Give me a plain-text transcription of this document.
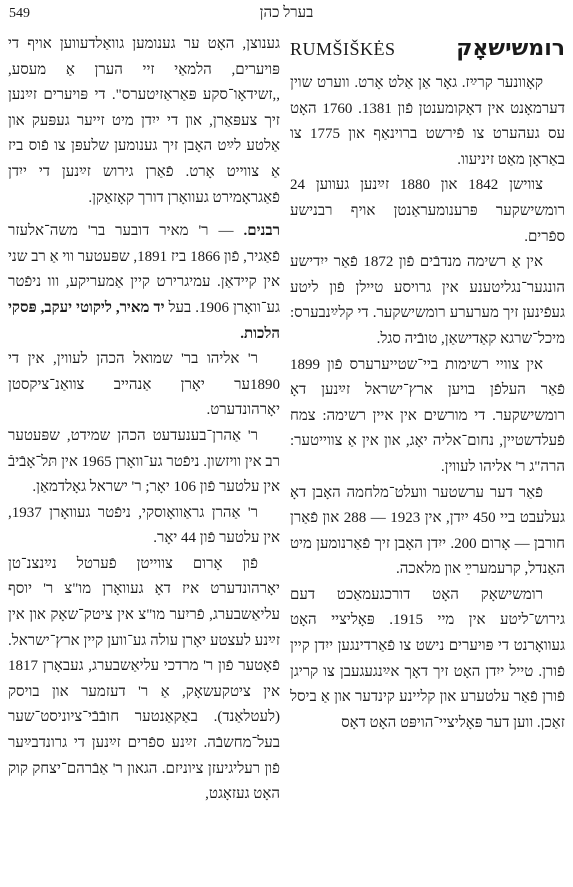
549	בערל כהן

גענוצן, האָט ער גענומען גוואַלדעווען אויף די פּויערים, הלמאַי זיי הערן אַ מעסע, ,,זשידאָו־סקע פּאַראַזיטערס". די פּויערים זײַנען זיך צעפּאַרן, און די ייִדן מיט זייער געפּעק און אַלטע לײַט האָבן זיך גענומען שלעפּן צו פֿוס ביז אַ צווייט אָרט. פֿאַרן גירוש זײַנען די ייִדן פֿאַגראָמירט געוואָרן דורך קאָזאַקן.

רבנים. — ר' מאיר דובער בר' משה־אלעזר פֿאַגיר, פֿון 1866 ביז 1891, שפּעטער ווי אַ רב שני אין קיידאַן. עמיגרירט קיין אַמעריקע, ווו ניפֿטר גע־וואָרן 1906. בעל יד מאיר, ליקוטי יעקב, פּסקי הלכות.

ר' אליהו בר' שמואל הכהן לעווין, אין די 1890ער יאָרן אַנהייב צוואַנ־ציקסטן יאָרהונדערט.

ר' אַהרן־בענעדעט הכהן שמידט, שפּעטער רב אין וויזשון. ניפֿטר גע־וואָרן 1965 אין תּל־אָבֿיבֿ אין עלטער פֿון 106 יאָר; ר' ישראל גאָלדמאַן.

ר' אַהרן גראַוואָוסקי, ניפֿטר געוואָרן 1937, אין עלטער פֿון 44 יאָר.

פֿון אָרום צווייטן פֿערטל נײַנצנ־טן יאָרהונדערט איז דאָ געוואָרן מו"צ ר' יוסף עליאַשבערג, פֿריִער מו"צ אין ציטק־שאָק און אין זײַנע לעצטע יאָרן עולה גע־ווען קיין ארץ־ישראל. פֿאָטער פֿון ר' מרדכי עליאַשבערג, געבאָרן 1817 אין ציטקעשאָק, אַ ר' דעזמער און בויסק (לעטלאַנד). באַקאַנטער חובֿבֿי־ציוניסט־שער בעל־מחשבֿה. זײַנע ספֿרים זײַנען די גרונדבײַער פֿון רעליגיעזן ציוניזם. הגאון ר' אַבֿרהם־יצחק קוק האָט געזאָגט,

RUMŠIŠKĖS	רומשישאָק

קאָוונער קרײַז. גאָר אַן אַלט אָרט. ווערט שוין דערמאָנט אין דאָקומענטן פֿון 1381. 1760 האָט עס געהערט צו פֿירשט ברוינאַף און 1775 צו באַראָן מאַט זיניעוו.

צווישן 1842 און 1880 זײַנען געווען 24 רומשישקער פּרענומעראַנטן אויף רבנישע ספֿרים.

אין אַ רשימה מנדבֿים פֿון 1872 פֿאַר ייִדישע הונגער־נגליטענע אין גרויסע טיילן פֿון ליטע געפֿינען זיך מערערע רומשישקער. די קלײַנבערס: מיכל־שרגא קאַדישאַן, טובֿיה סגל.

אין צוויי רשימות ביי־שטייערערס פֿון 1899 פֿאַר העלפֿן בויען ארץ־ישראל זײַנען דאָ רומשישקער. די מורשים אין איין רשימה: צמח פֿעלדשטיין, נחום־אליה יאָג, און אין אַ צווייטער: הרה"ג ר' אליהו לעווין.

פֿאַר דער ערשטער וועלט־מלחמה האָבן דאָ געלעבט ביי 450 ייִדן, אין 1923 — 288 און פֿאַרן חורבן — אָרום 200. ייִדן האָבן זיך פֿאַרנומען מיט האַנדל, קרעמערײַ און מלאכה.

רומשישאָק האָט דורכגעמאַכט דעם גירוש־ליטע אין מיי 1915. פּאָליציי האָט געוואָרנט די פּויערים נישט צו פֿאַרדינגען ייִדן קיין פֿורן. טייל ייִדן האָט זיך דאָך אײַנגעגעבן צו קריגן פֿורן פֿאַר עלטערע און קליינע קינדער און אַ ביסל זאַכן. ווען דער פּאָליציי־הויפּט האָט דאָס
